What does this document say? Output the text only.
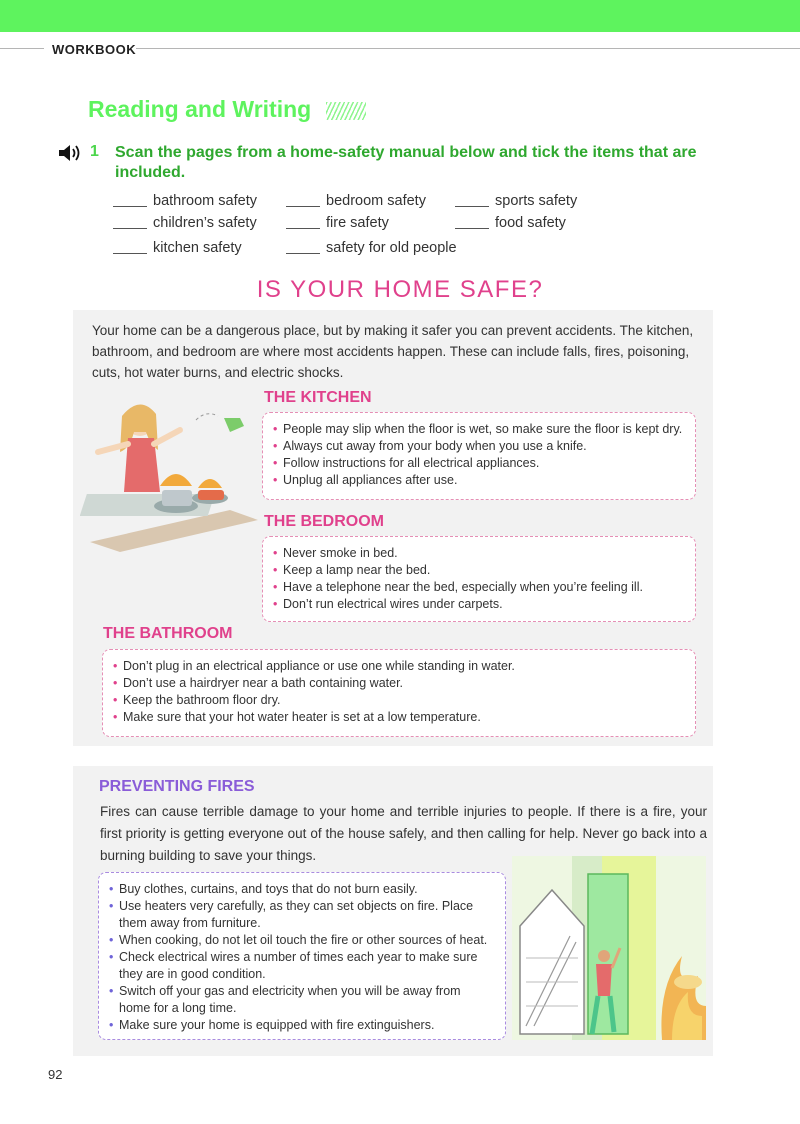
WORKBOOK
Reading and Writing
1 Scan the pages from a home-safety manual below and tick the items that are included.
bathroom safety	bedroom safety	sports safety
children’s safety	fire safety	food safety
kitchen safety	safety for old people
IS YOUR HOME SAFE?
Your home can be a dangerous place, but by making it safer you can prevent accidents. The kitchen, bathroom, and bedroom are where most accidents happen. These can include falls, fires, poisoning, cuts, hot water burns, and electric shocks.
THE KITCHEN
• People may slip when the floor is wet, so make sure the floor is kept dry.
• Always cut away from your body when you use a knife.
• Follow instructions for all electrical appliances.
• Unplug all appliances after use.
THE BEDROOM
• Never smoke in bed.
• Keep a lamp near the bed.
• Have a telephone near the bed, especially when you’re feeling ill.
• Don’t run electrical wires under carpets.
THE BATHROOM
• Don’t plug in an electrical appliance or use one while standing in water.
• Don’t use a hairdryer near a bath containing water.
• Keep the bathroom floor dry.
• Make sure that your hot water heater is set at a low temperature.
PREVENTING FIRES
Fires can cause terrible damage to your home and terrible injuries to people. If there is a fire, your first priority is getting everyone out of the house safely, and then calling for help. Never go back into a burning building to save your things.
• Buy clothes, curtains, and toys that do not burn easily.
• Use heaters very carefully, as they can set objects on fire. Place them away from furniture.
• When cooking, do not let oil touch the fire or other sources of heat.
• Check electrical wires a number of times each year to make sure they are in good condition.
• Switch off your gas and electricity when you will be away from home for a long time.
• Make sure your home is equipped with fire extinguishers.
92
